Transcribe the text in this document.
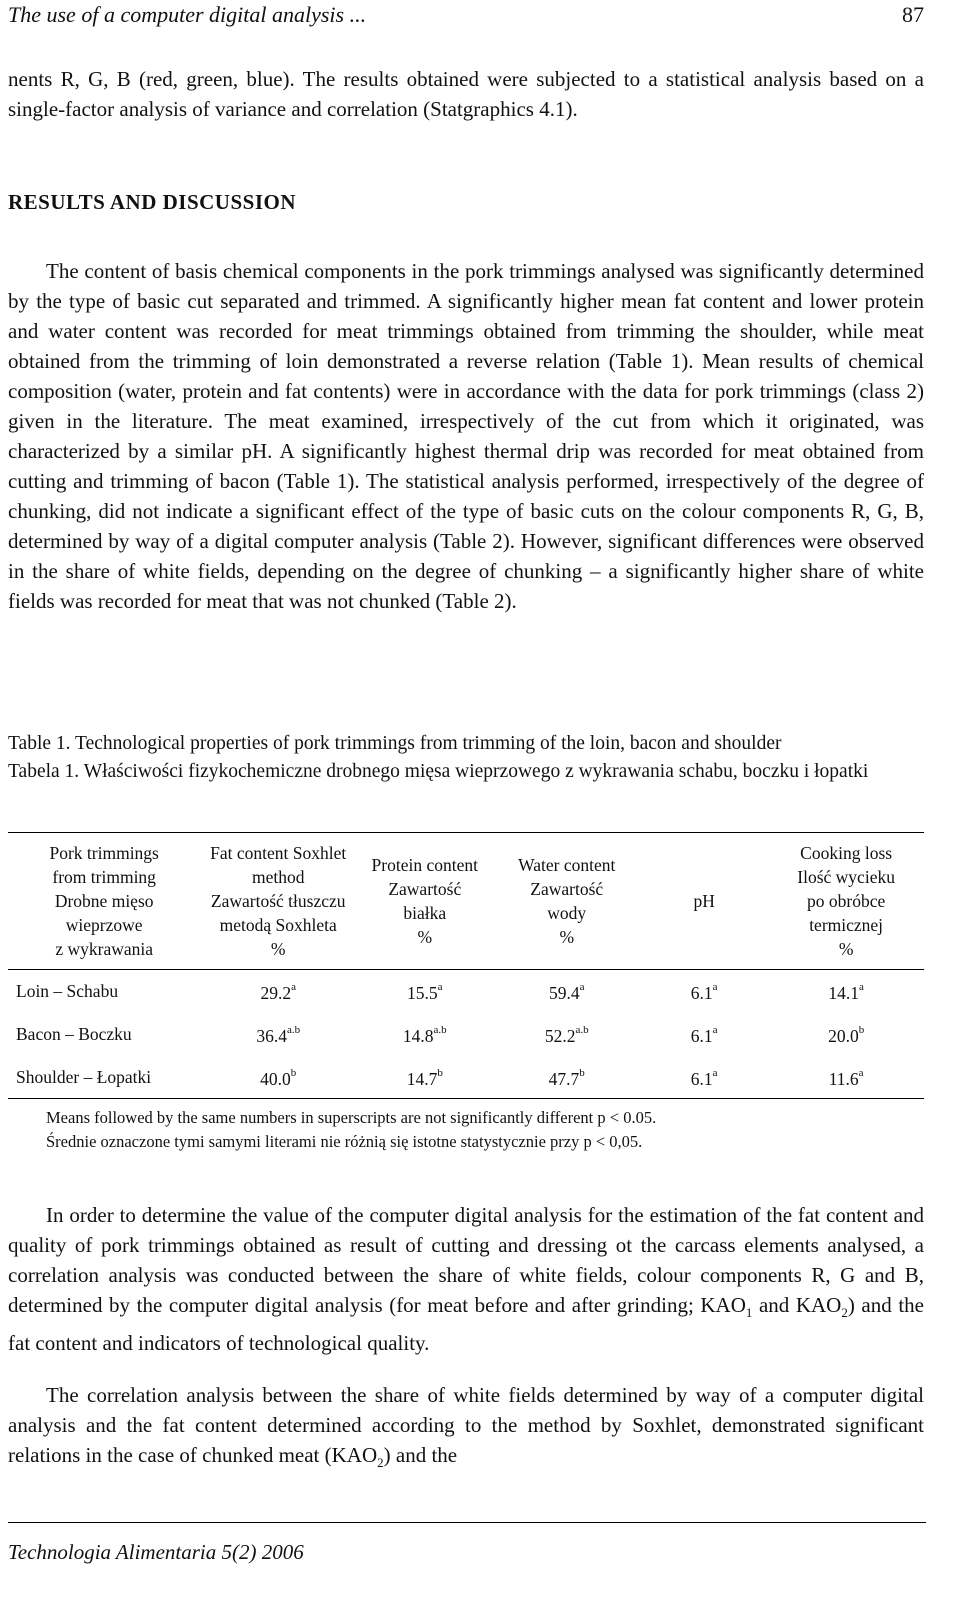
The use of a computer digital analysis ...	87

nents R, G, B (red, green, blue). The results obtained were subjected to a statistical analysis based on a single-factor analysis of variance and correlation (Statgraphics 4.1).

RESULTS AND DISCUSSION

The content of basis chemical components in the pork trimmings analysed was significantly determined by the type of basic cut separated and trimmed. A significantly higher mean fat content and lower protein and water content was recorded for meat trimmings obtained from trimming the shoulder, while meat obtained from the trimming of loin demonstrated a reverse relation (Table 1). Mean results of chemical composition (water, protein and fat contents) were in accordance with the data for pork trimmings (class 2) given in the literature. The meat examined, irrespectively of the cut from which it originated, was characterized by a similar pH. A significantly highest thermal drip was recorded for meat obtained from cutting and trimming of bacon (Table 1). The statistical analysis performed, irrespectively of the degree of chunking, did not indicate a significant effect of the type of basic cuts on the colour components R, G, B, determined by way of a digital computer analysis (Table 2). However, significant differences were observed in the share of white fields, depending on the degree of chunking – a significantly higher share of white fields was recorded for meat that was not chunked (Table 2).

Table 1. Technological properties of pork trimmings from trimming of the loin, bacon and shoulder

Tabela 1. Właściwości fizykochemiczne drobnego mięsa wieprzowego z wykrawania schabu, boczku i łopatki

Pork trimmings
from trimming
Drobne mięso
wieprzowe
z wykrawania	Fat content Soxhlet
method
Zawartość tłuszczu
metodą Soxhleta
%	Protein content
Zawartość
białka
%	Water content
Zawartość
wody
%	pH	Cooking loss
Ilość wycieku
po obróbce
termicznej
%

Loin – Schabu	29.2$^a$	15.5$^a$	59.4$^a$	6.1$^a$	14.1$^a$
Bacon – Boczku	$36.4^{a.b}$	$14.8^{a.b}$	$52.2^{a.b}$	6.1$^a$	20.0$^b$
Shoulder – Łopatki	40.0$^b$	14.7$^b$	47.7$^b$	6.1$^a$	11.6$^a$

Means followed by the same numbers in superscripts are not significantly different p < 0.05.

Średnie oznaczone tymi samymi literami nie różnią się istotne statystycznie przy p < 0,05.

In order to determine the value of the computer digital analysis for the estimation of the fat content and quality of pork trimmings obtained as result of cutting and dressing ot the carcass elements analysed, a correlation analysis was conducted between the share of white fields, colour components R, G and B, determined by the computer digital analysis (for meat before and after grinding; $KAO_1$ and $KAO_2$) and the fat content and indicators of technological quality.

The correlation analysis between the share of white fields determined by way of a computer digital analysis and the fat content determined according to the method by Soxhlet, demonstrated significant relations in the case of chunked meat $(KAO_2)$ and the

Technologia Alimentaria 5(2) 2006
